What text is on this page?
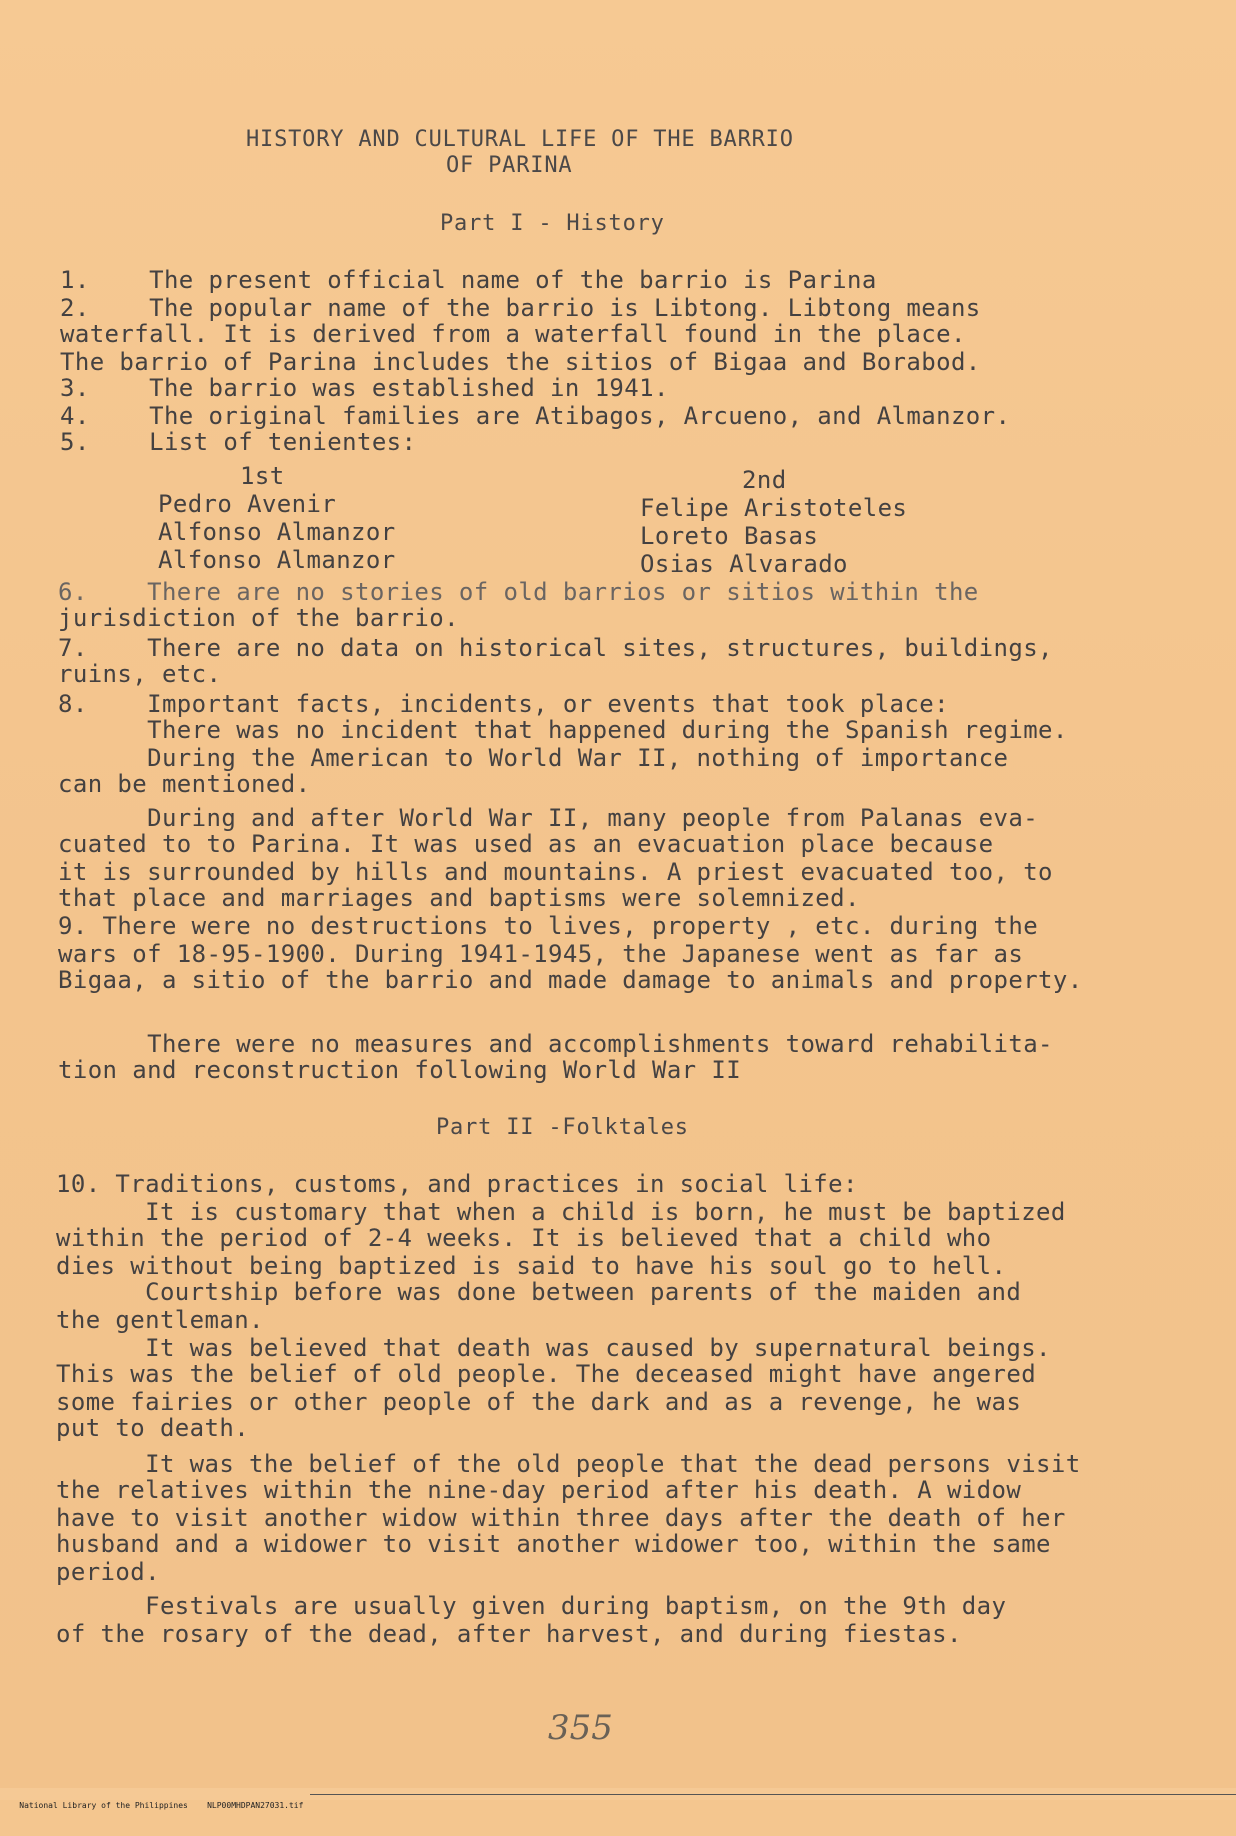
HISTORY AND CULTURAL LIFE OF THE BARRIO
OF PARINA
Part I - History
1.    The present official name of the barrio is Parina
2.    The popular name of the barrio is Libtong. Libtong means
waterfall. It is derived from a waterfall found in the place.
The barrio of Parina includes the sitios of Bigaa and Borabod.
3.    The barrio was established in 1941.
4.    The original families are Atibagos, Arcueno, and Almanzor.
5.    List of tenientes:
1st	2nd
Pedro Avenir
Alfonso Almanzor
Alfonso Almanzor
Felipe Aristoteles
Loreto Basas
Osias Alvarado
6.    There are no stories of old barrios or sitios within the
jurisdiction of the barrio.
7.    There are no data on historical sites, structures, buildings,
ruins, etc.
8.    Important facts, incidents, or events that took place:
There was no incident that happened during the Spanish regime.
During the American to World War II, nothing of importance
can be mentioned.
During and after World War II, many people from Palanas eva-
cuated to to Parina. It was used as an evacuation place because
it is surrounded by hills and mountains. A priest evacuated too, to
that place and marriages and baptisms were solemnized.
9. There were no destructions to lives, property , etc. during the
wars of 18-95-1900. During 1941-1945, the Japanese went as far as
Bigaa, a sitio of the barrio and made damage to animals and property.
There were no measures and accomplishments toward rehabilita-
tion and reconstruction following World War II
Part II -Folktales
10. Traditions, customs, and practices in social life:
It is customary that when a child is born, he must be baptized
within the period of 2-4 weeks. It is believed that a child who
dies without being baptized is said to have his soul go to hell.
Courtship before was done between parents of the maiden and
the gentleman.
It was believed that death was caused by supernatural beings.
This was the belief of old people. The deceased might have angered
some fairies or other people of the dark and as a revenge, he was
put to death.
It was the belief of the old people that the dead persons visit
the relatives within the nine-day period after his death. A widow
have to visit another widow within three days after the death of her
husband and a widower to visit another widower too, within the same
period.
Festivals are usually given during baptism, on the 9th day
of the rosary of the dead, after harvest, and during fiestas.
355

National Library of the Philippines    NLP00MHDPAN27031.tif
